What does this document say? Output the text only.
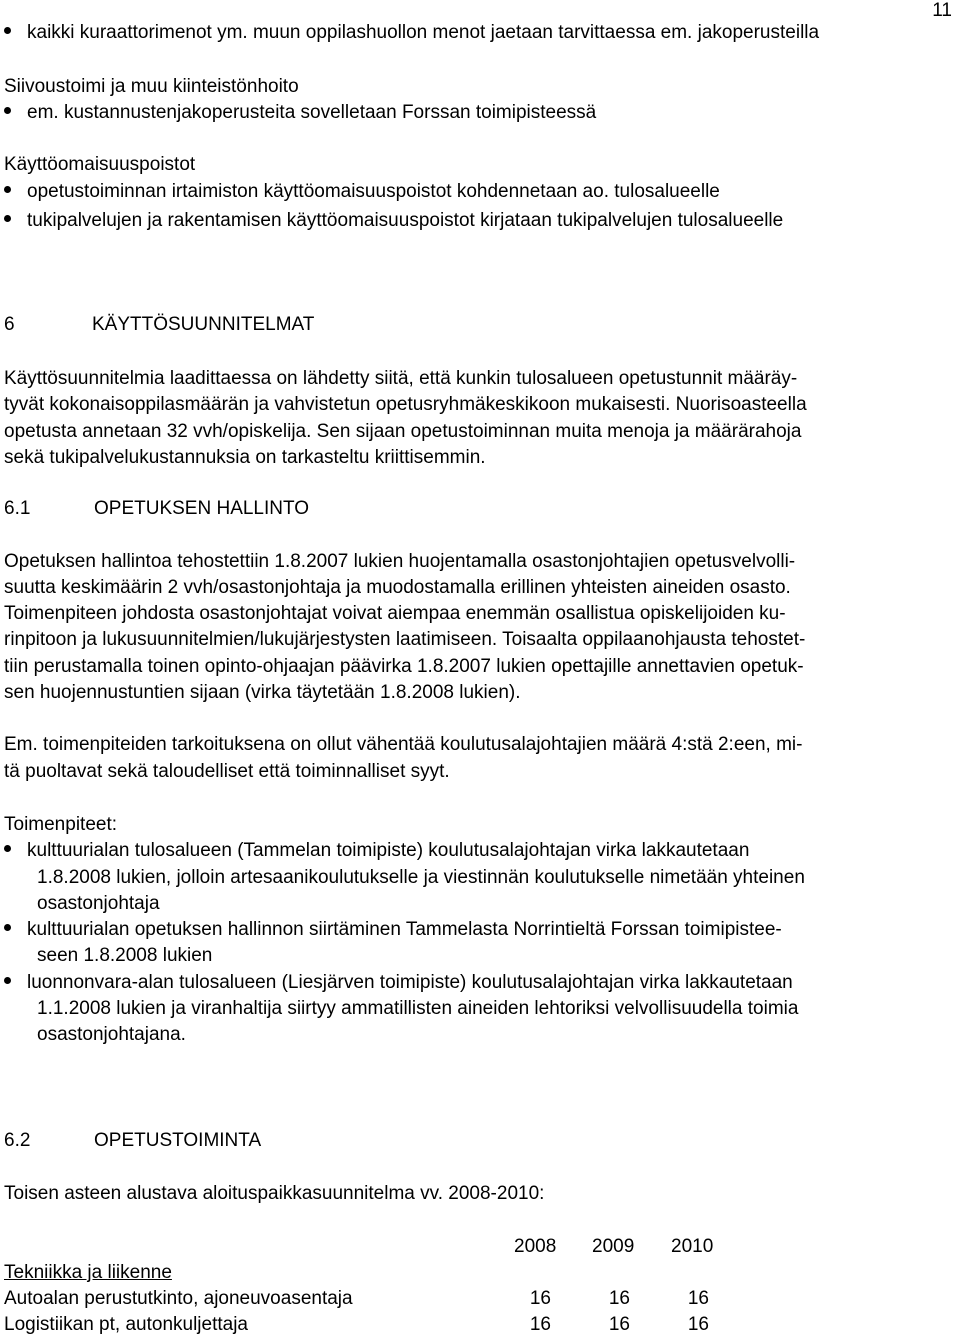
11
kaikki kuraattorimenot ym. muun oppilashuollon menot jaetaan tarvittaessa em. jakoperusteilla
Siivoustoimi ja muu kiinteistönhoito
em. kustannustenjakoperusteita sovelletaan Forssan toimipisteessä
Käyttöomaisuuspoistot
opetustoiminnan irtaimiston käyttöomaisuuspoistot kohdennetaan ao. tulosalueelle
tukipalvelujen ja rakentamisen käyttöomaisuuspoistot kirjataan tukipalvelujen tulosalueelle
6	KÄYTTÖSUUNNITELMAT
Käyttösuunnitelmia laadittaessa on lähdetty siitä, että kunkin tulosalueen opetustunnit määräy-
tyvät kokonaisoppilasmäärän ja vahvistetun opetusryhmäkeskikoon mukaisesti. Nuorisoasteella
opetusta annetaan 32 vvh/opiskelija. Sen sijaan opetustoiminnan muita menoja ja määrärahoja
sekä tukipalvelukustannuksia on tarkasteltu kriittisemmin.
6.1	OPETUKSEN HALLINTO
Opetuksen hallintoa tehostettiin 1.8.2007 lukien huojentamalla osastonjohtajien opetusvelvolli-
suutta keskimäärin 2 vvh/osastonjohtaja ja muodostamalla erillinen yhteisten aineiden osasto.
Toimenpiteen johdosta osastonjohtajat voivat aiempaa enemmän osallistua opiskelijoiden ku-
rinpitoon ja lukusuunnitelmien/lukujärjestysten laatimiseen. Toisaalta oppilaanohjausta tehostet-
tiin perustamalla toinen opinto-ohjaajan päävirka 1.8.2007 lukien opettajille annettavien opetuk-
sen huojennustuntien sijaan (virka täytetään 1.8.2008 lukien).
Em. toimenpiteiden tarkoituksena on ollut vähentää koulutusalajohtajien määrä 4:stä 2:een, mi-
tä puoltavat sekä taloudelliset että toiminnalliset syyt.
Toimenpiteet:
kulttuurialan tulosalueen (Tammelan toimipiste) koulutusalajohtajan virka lakkautetaan
1.8.2008 lukien, jolloin artesaanikoulutukselle ja viestinnän koulutukselle nimetään yhteinen
osastonjohtaja
kulttuurialan opetuksen hallinnon siirtäminen Tammelasta Norrintieltä Forssan toimipistee-
seen 1.8.2008 lukien
luonnonvara-alan tulosalueen (Liesjärven toimipiste) koulutusalajohtajan virka lakkautetaan
1.1.2008 lukien ja viranhaltija siirtyy ammatillisten aineiden lehtoriksi velvollisuudella toimia
osastonjohtajana.
6.2	OPETUSTOIMINTA
Toisen asteen alustava aloituspaikkasuunnitelma vv. 2008-2010:
2008 2009 2010
Tekniikka ja liikenne
Autoalan perustutkinto, ajoneuvoasentaja	16	16	16
Logistiikan pt, autonkuljettaja	16	16	16
